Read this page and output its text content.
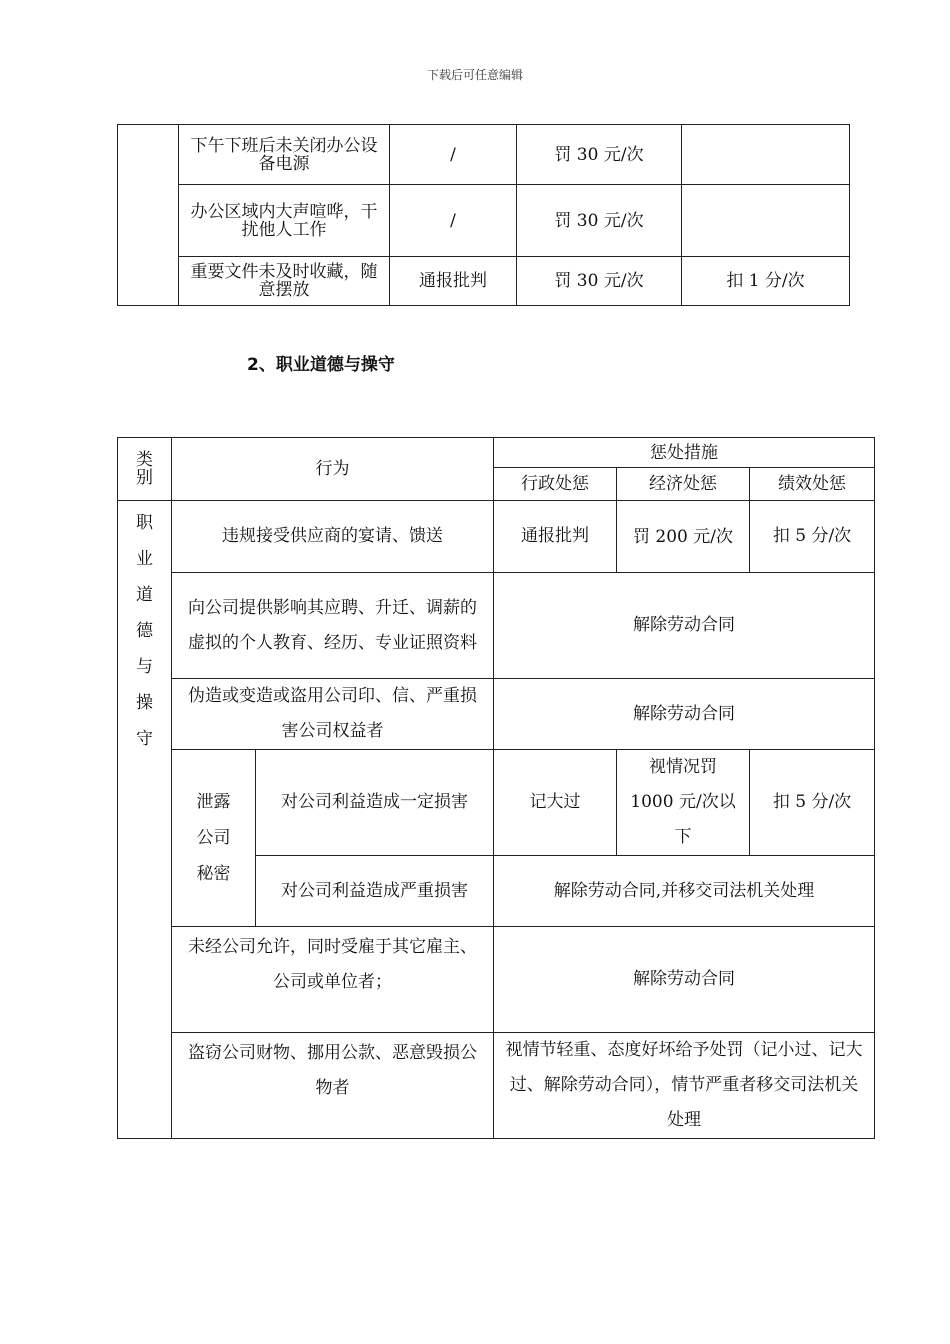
下载后可任意编辑
	下午下班后未关闭办公设备电源	/	罚 30 元/次	
	办公区域内大声喧哗，干扰他人工作	/	罚 30 元/次	
	重要文件未及时收藏，随意摆放	通报批判	罚 30 元/次	扣 1 分/次
2、职业道德与操守
类别	行为		惩处措施		
			行政处惩	经济处惩	绩效处惩

职业道德与操守	违规接受供应商的宴请、馈送		通报批判	罚 200 元/次	扣 5 分/次
	向公司提供影响其应聘、升迁、调薪的虚拟的个人教育、经历、专业证照资料		解除劳动合同		
	伪造或变造或盗用公司印、信、严重损害公司权益者		解除劳动合同		

	泄露公司秘密	对公司利益造成一定损害	记大过	视情况罚 1000 元/次以下	扣 5 分/次
		对公司利益造成严重损害	解除劳动合同,并移交司法机关处理		
	未经公司允许，同时受雇于其它雇主、公司或单位者；		解除劳动合同		
	盗窃公司财物、挪用公款、恶意毁损公物者		视情节轻重、态度好坏给予处罚（记小过、记大过、解除劳动合同），情节严重者移交司法机关处理		
